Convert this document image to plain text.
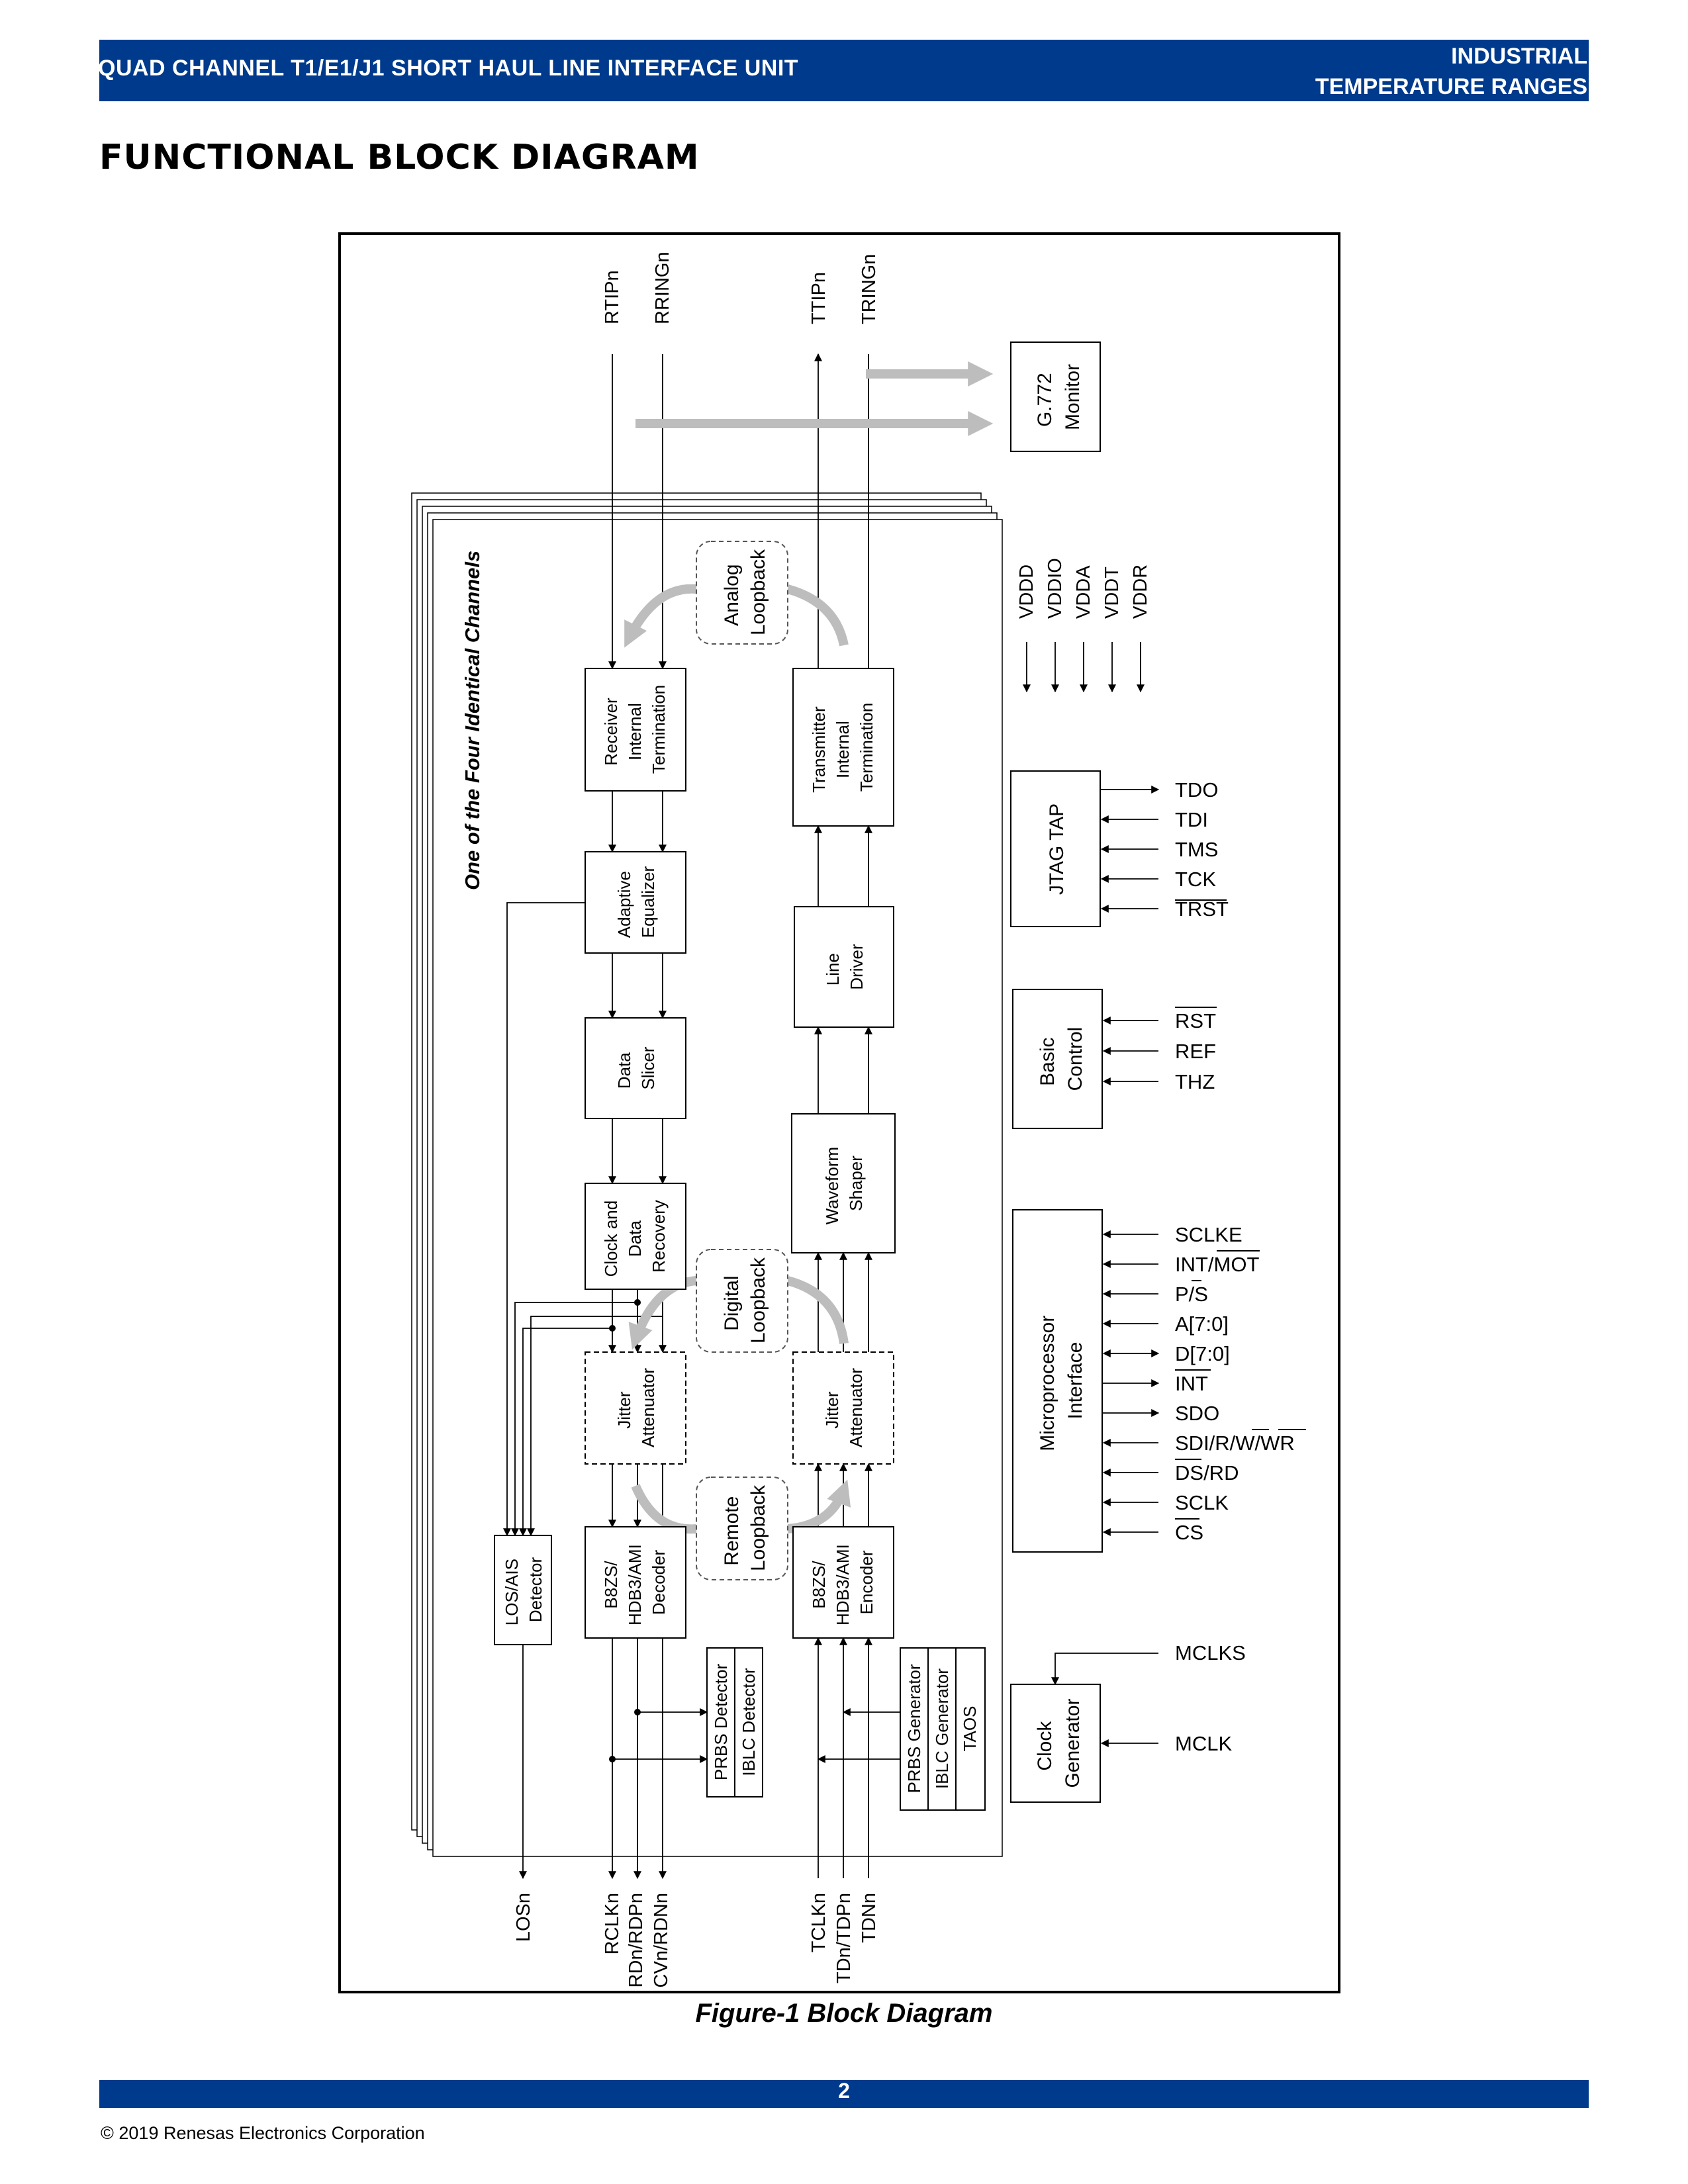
QUAD CHANNEL T1/E1/J1 SHORT HAUL LINE INTERFACE UNIT	INDUSTRIAL
TEMPERATURE RANGES
FUNCTIONAL BLOCK DIAGRAM
RTIPn RRINGn	TTIPn TRINGn
LOSn	RCLKn RDn/RDPn CVn/RDNn	TCLKn TDn/TDPn TDNn
One of the Four Identical Channels	Receiver Internal Termination
Adaptive Equalizer
Data Slicer
Clock and Data Recovery
Jitter Attenuator
B8ZS/ HDB3/AMI Decoder
LOS/AIS Detector
PRBS Detector IBLC Detector
Transmitter Internal Termination
Line Driver
Waveform Shaper
Jitter Attenuator
B8ZS/ HDB3/AMI Encoder
PRBS Generator IBLC Generator TAOS
Analog Loopback
Digital Loopback
Remote Loopback
G.772 Monitor
VDDD VDDIO VDDA VDDT VDDR
JTAG TAP
TDO
TDI
TMS
TCK
TRST
Basic Control
RST
REF
THZ
Microprocessor Interface
SCLKE
INT/MOT
P/S
A[7:0]
D[7:0]
INT
SDO
SDI/R/W/WR
DS/RD
SCLK
CS
Clock Generator
MCLKS
MCLK
Figure-1 Block Diagram
2
© 2019 Renesas Electronics Corporation
